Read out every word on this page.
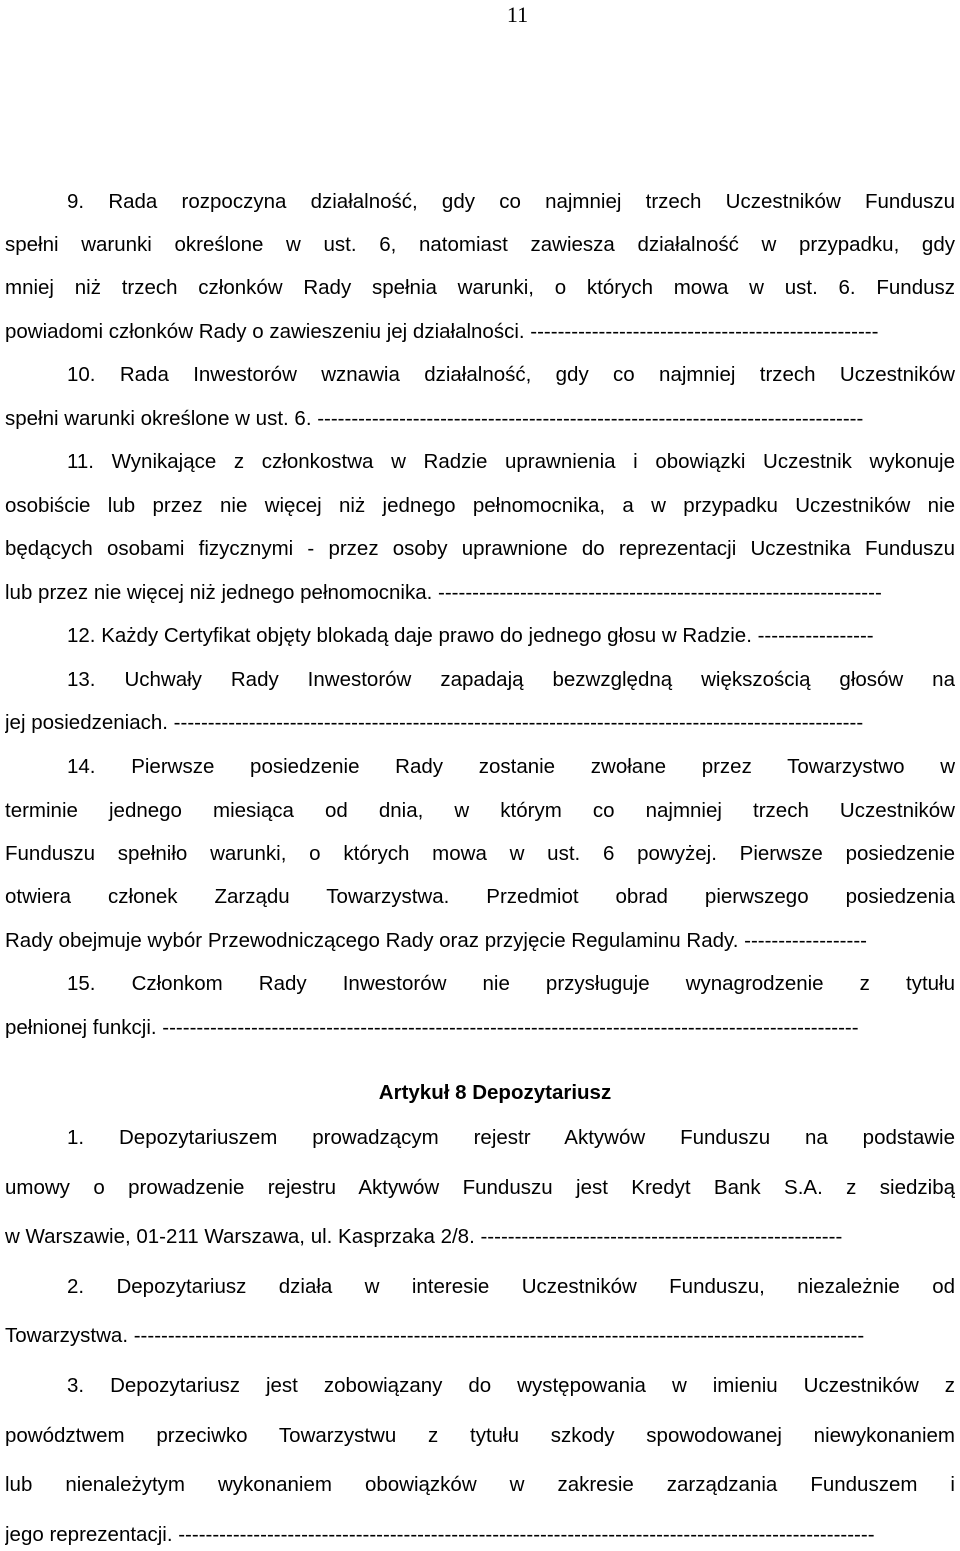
11
Artykuł 8 Depozytariusz
9. Rada rozpoczyna działalność, gdy co najmniej trzech Uczestników Funduszu
spełni warunki określone w ust. 6, natomiast zawiesza działalność w przypadku, gdy
mniej niż trzech członków Rady spełnia warunki, o których mowa w ust. 6. Fundusz
powiadomi członków Rady o zawieszeniu jej działalności. ---------------------------------------------------
10. Rada Inwestorów wznawia działalność, gdy co najmniej trzech Uczestników
spełni warunki określone w ust. 6. --------------------------------------------------------------------------------
11. Wynikające z członkostwa w Radzie uprawnienia i obowiązki Uczestnik wykonuje
osobiście lub przez nie więcej niż jednego pełnomocnika, a w przypadku Uczestników nie
będących osobami fizycznymi - przez osoby uprawnione do reprezentacji Uczestnika Funduszu
lub przez nie więcej niż jednego pełnomocnika. -----------------------------------------------------------------
12. Każdy Certyfikat objęty blokadą daje prawo do jednego głosu w Radzie. -----------------
13. Uchwały Rady Inwestorów zapadają bezwzględną większością głosów na
jej posiedzeniach. -----------------------------------------------------------------------------------------------------
14. Pierwsze posiedzenie Rady zostanie zwołane przez Towarzystwo w
terminie jednego miesiąca od dnia, w którym co najmniej trzech Uczestników
Funduszu spełniło warunki, o których mowa w ust. 6 powyżej. Pierwsze posiedzenie
otwiera członek Zarządu Towarzystwa. Przedmiot obrad pierwszego posiedzenia
Rady obejmuje wybór Przewodniczącego Rady oraz przyjęcie Regulaminu Rady. ------------------
15. Członkom Rady Inwestorów nie przysługuje wynagrodzenie z tytułu
pełnionej funkcji. ------------------------------------------------------------------------------------------------------
1. Depozytariuszem prowadzącym rejestr Aktywów Funduszu na podstawie
umowy o prowadzenie rejestru Aktywów Funduszu jest Kredyt Bank S.A. z siedzibą
w Warszawie, 01-211 Warszawa, ul. Kasprzaka 2/8. -----------------------------------------------------
2. Depozytariusz działa w interesie Uczestników Funduszu, niezależnie od
Towarzystwa. -----------------------------------------------------------------------------------------------------------
3. Depozytariusz jest zobowiązany do występowania w imieniu Uczestników z
powództwem przeciwko Towarzystwu z tytułu szkody spowodowanej niewykonaniem
lub nienależytym wykonaniem obowiązków w zakresie zarządzania Funduszem i
jego reprezentacji. ------------------------------------------------------------------------------------------------------
